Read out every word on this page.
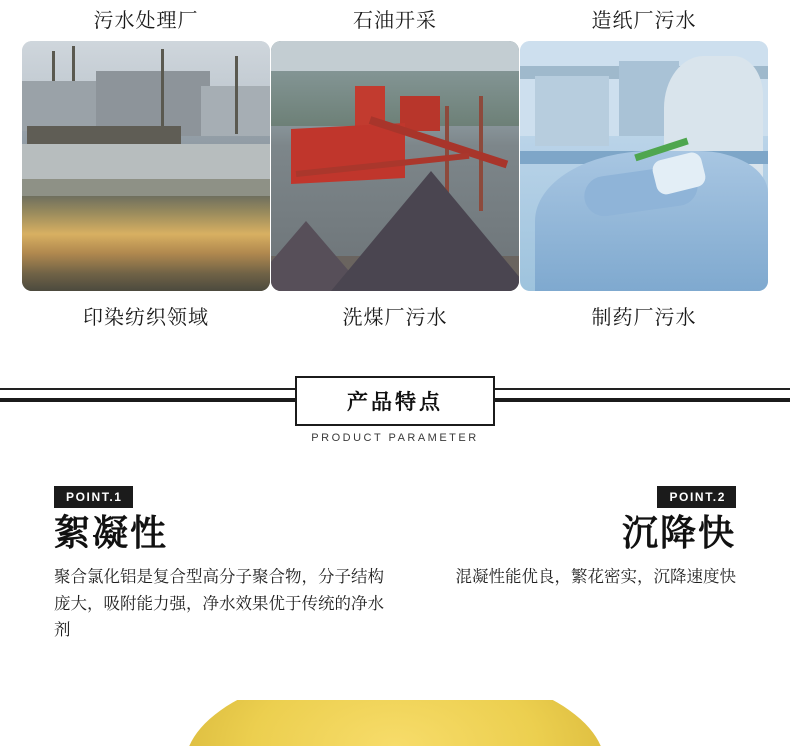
污水处理厂	石油开采	造纸厂污水
印染纺织领域	洗煤厂污水	制药厂污水
产品特点
PRODUCT PARAMETER
POINT.1
絮凝性
聚合氯化铝是复合型高分子聚合物，分子结构庞大，吸附能力强，净水效果优于传统的净水剂
POINT.2
沉降快
混凝性能优良，繁花密实，沉降速度快
